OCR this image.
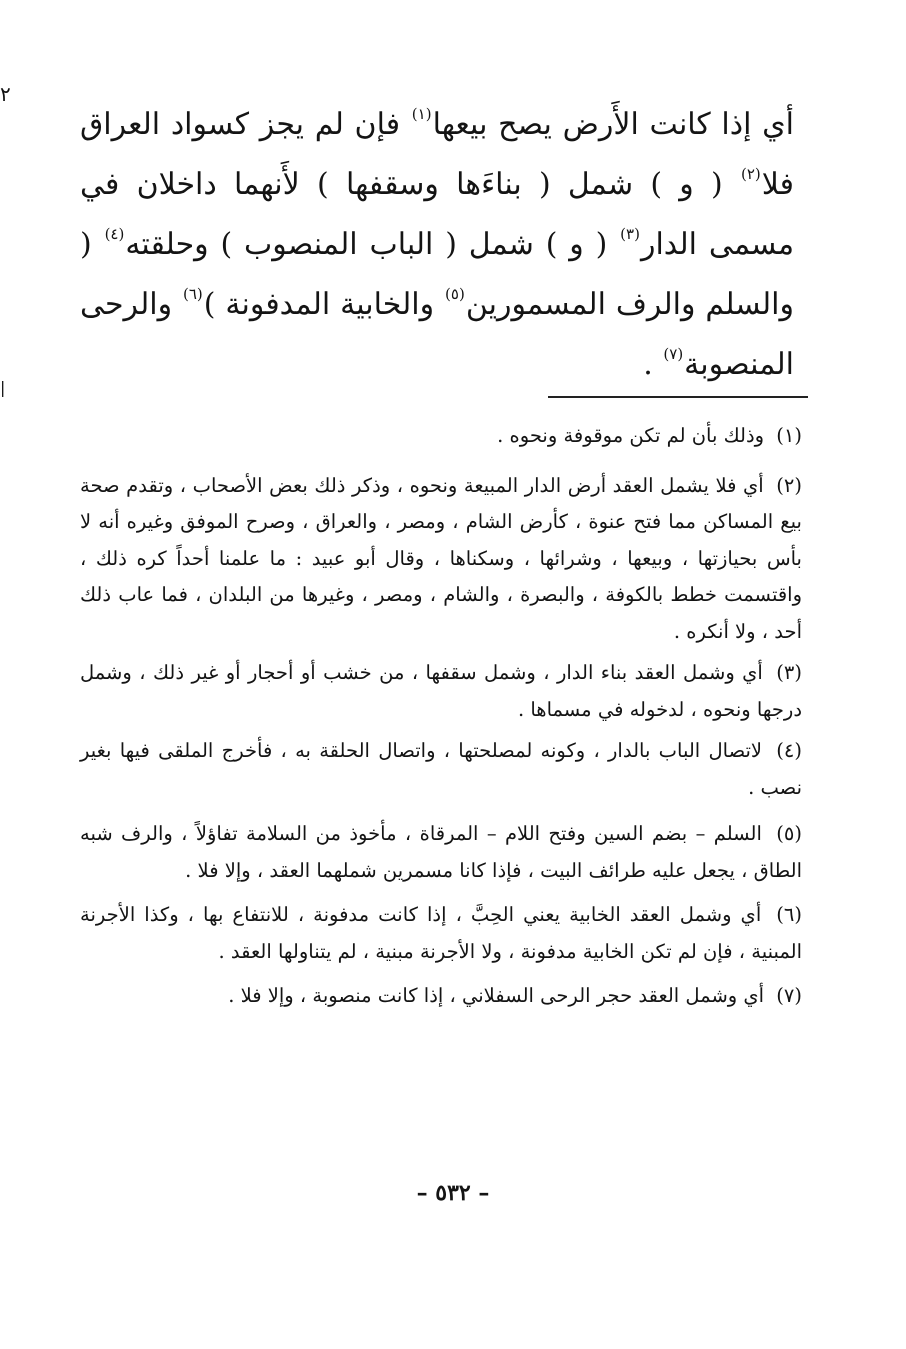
٢
|

أي إذا كانت الأَرض يصح بيعها$^{(١)}$ فإن لم يجز كسواد العراق فلا$^{(٢)}$ ( و ) شمل ( بناءَها وسقفها ) لأَنهما داخلان في مسمى الدار$^{(٣)}$ ( و ) شمل ( الباب المنصوب ) وحلقته$^{(٤)}$ ( والسلم والرف المسمورين$^{(٥)}$ والخابية المدفونة )$^{(٦)}$ والرحى المنصوبة$^{(٧)}$ .

(١) وذلك بأن لم تكن موقوفة ونحوه .
(٢) أي فلا يشمل العقد أرض الدار المبيعة ونحوه ، وذكر ذلك بعض الأصحاب ، وتقدم صحة بيع المساكن مما فتح عنوة ، كأرض الشام ، ومصر ، والعراق ، وصرح الموفق وغيره أنه لا بأس بحيازتها ، وبيعها ، وشرائها ، وسكناها ، وقال أبو عبيد : ما علمنا أحداً كره ذلك ، واقتسمت خطط بالكوفة ، والبصرة ، والشام ، ومصر ، وغيرها من البلدان ، فما عاب ذلك أحد ، ولا أنكره .
(٣) أي وشمل العقد بناء الدار ، وشمل سقفها ، من خشب أو أحجار أو غير ذلك ، وشمل درجها ونحوه ، لدخوله في مسماها .
(٤) لاتصال الباب بالدار ، وكونه لمصلحتها ، واتصال الحلقة به ، فأخرج الملقى فيها بغير نصب .
(٥) السلم – بضم السين وفتح اللام – المرقاة ، مأخوذ من السلامة تفاؤلاً ، والرف شبه الطاق ، يجعل عليه طرائف البيت ، فإذا كانا مسمرين شملهما العقد ، وإلا فلا .
(٦) أي وشمل العقد الخابية يعني الحِبَّ ، إذا كانت مدفونة ، للانتفاع بها ، وكذا الأجرنة المبنية ، فإن لم تكن الخابية مدفونة ، ولا الأجرنة مبنية ، لم يتناولها العقد .
(٧) أي وشمل العقد حجر الرحى السفلاني ، إذا كانت منصوبة ، وإلا فلا .

– ٥٣٢ –
